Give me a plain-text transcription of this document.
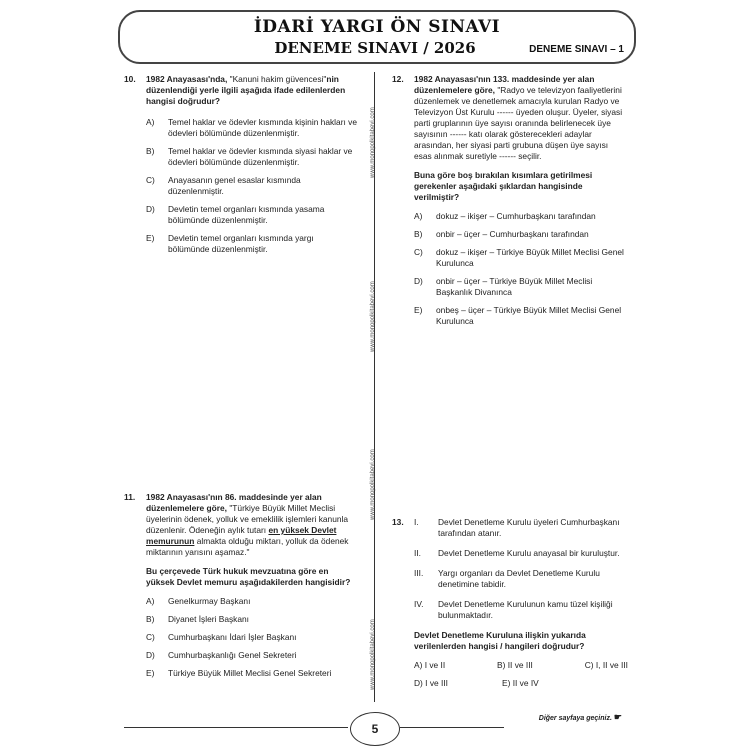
İDARİ YARGI ÖN SINAVI
DENEME SINAVI / 2026	DENEME SINAVI – 1
www.monopolkitabevi.com
www.monopolkitabevi.com
www.monopolkitabevi.com
www.monopolkitabevi.com
10. 1982 Anayasası'nda, "Kanuni hakim güvencesi"nin düzenlendiği yerle ilgili aşağıda ifade edilenlerden hangisi doğrudur?
A)	Temel haklar ve ödevler kısmında kişinin hakları ve ödevleri bölümünde düzenlenmiştir.
B)	Temel haklar ve ödevler kısmında siyasi haklar ve ödevleri bölümünde düzenlenmiştir.
C)	Anayasanın genel esaslar kısmında düzenlenmiştir.
D)	Devletin temel organları kısmında yasama bölümünde düzenlenmiştir.
E)	Devletin temel organları kısmında yargı bölümünde düzenlenmiştir.
11. 1982 Anayasası'nın 86. maddesinde yer alan düzenlemelere göre, "Türkiye Büyük Millet Meclisi üyelerinin ödenek, yolluk ve emeklilik işlemleri kanunla düzenlenir. Ödeneğin aylık tutarı en yüksek Devlet memurunun almakta olduğu miktarı, yolluk da ödenek miktarının yarısını aşamaz."
Bu çerçevede Türk hukuk mevzuatına göre en yüksek Devlet memuru aşağıdakilerden hangisidir?
A)	Genelkurmay Başkanı
B)	Diyanet İşleri Başkanı
C)	Cumhurbaşkanı İdari İşler Başkanı
D)	Cumhurbaşkanlığı Genel Sekreteri
E)	Türkiye Büyük Millet Meclisi Genel Sekreteri
12. 1982 Anayasası'nın 133. maddesinde yer alan düzenlemelere göre, "Radyo ve televizyon faaliyetlerini düzenlemek ve denetlemek amacıyla kurulan Radyo ve Televizyon Üst Kurulu ------ üyeden oluşur. Üyeler, siyasi parti gruplarının üye sayısı oranında belirlenecek üye sayısının ------ katı olarak gösterecekleri adaylar arasından, her siyasi parti grubuna düşen üye sayısı esas alınmak suretiyle ------ seçilir.
Buna göre boş bırakılan kısımlara getirilmesi gerekenler aşağıdaki şıklardan hangisinde verilmiştir?
A)	dokuz – ikişer – Cumhurbaşkanı tarafından
B)	onbir – üçer – Cumhurbaşkanı tarafından
C)	dokuz – ikişer – Türkiye Büyük Millet Meclisi Genel Kurulunca
D)	onbir – üçer – Türkiye Büyük Millet Meclisi Başkanlık Divanınca
E)	onbeş – üçer – Türkiye Büyük Millet Meclisi Genel Kurulunca
13. I.	Devlet Denetleme Kurulu üyeleri Cumhurbaşkanı tarafından atanır.
II.	Devlet Denetleme Kurulu anayasal bir kuruluştur.
III.	Yargı organları da Devlet Denetleme Kurulu denetimine tabidir.
IV.	Devlet Denetleme Kurulunun kamu tüzel kişiliği bulunmaktadır.
Devlet Denetleme Kuruluna ilişkin yukarıda verilenlerden hangisi / hangileri doğrudur?
A) I ve II	B) II ve III	C) I, II ve III
D) I ve III	E) II ve IV
5
Diğer sayfaya geçiniz. ☛
